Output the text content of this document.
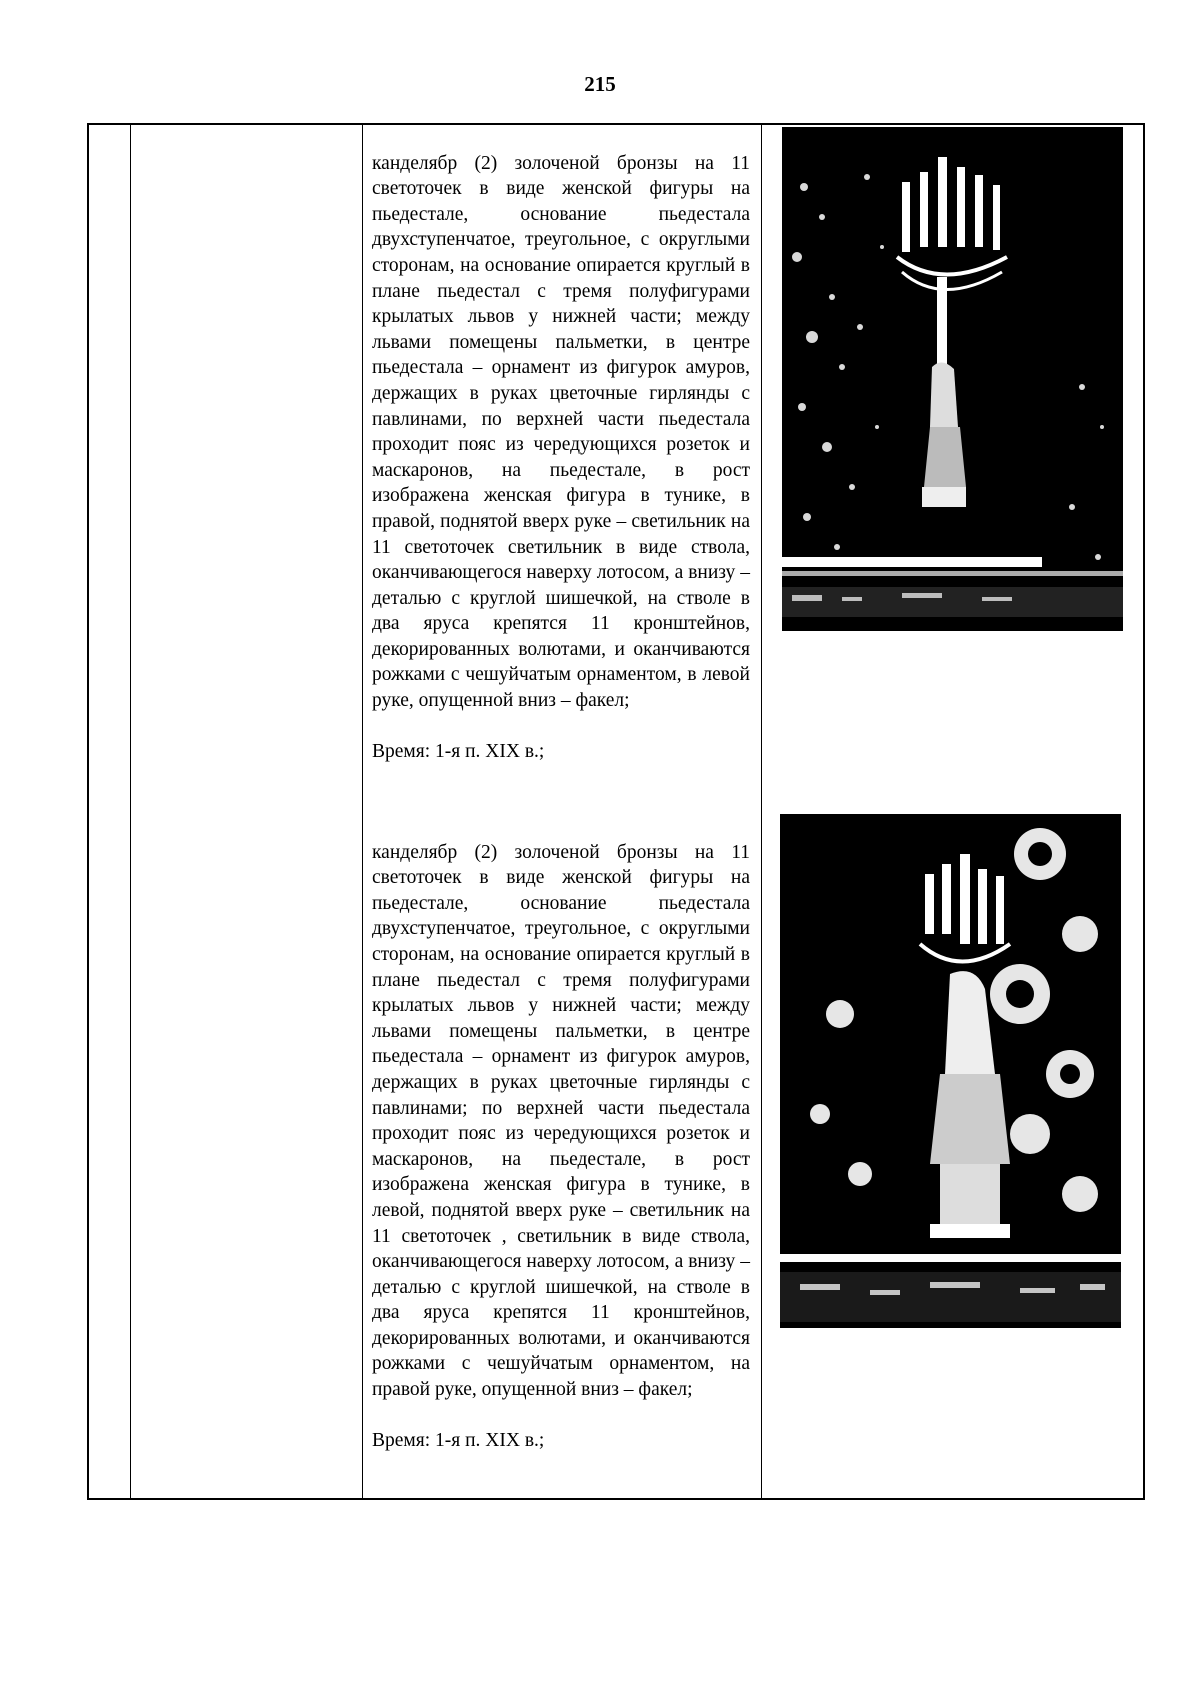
215

канделябр (2) золоченой бронзы на 11 светоточек в виде женской фигуры на пьедестале, основание пьедестала двухступенчатое, треугольное, с округлыми сторонам, на основание опирается круглый в плане пьедестал с тремя полуфигурами крылатых львов у нижней части; между львами помещены пальметки, в центре пьедестала – орнамент из фигурок амуров, держащих в руках цветочные гирлянды с павлинами, по верхней части пьедестала проходит пояс из чередующихся розеток и маскаронов, на пьедестале, в рост изображена женская фигура в тунике, в правой, поднятой вверх руке – светильник на 11 светоточек светильник в виде ствола, оканчивающегося наверху лотосом, а внизу – деталью с круглой шишечкой, на стволе в два яруса крепятся 11 кронштейнов, декорированных волютами, и оканчиваются рожками с чешуйчатым орнаментом, в левой руке, опущенной вниз – факел;

Время: 1-я п. XIX в.;

канделябр (2) золоченой бронзы на 11 светоточек в виде женской фигуры на пьедестале, основание пьедестала двухступенчатое, треугольное, с округлыми сторонам, на основание опирается круглый в плане пьедестал с тремя полуфигурами крылатых львов у нижней части; между львами помещены пальметки, в центре пьедестала – орнамент из фигурок амуров, держащих в руках цветочные гирлянды с павлинами; по верхней части пьедестала проходит пояс из чередующихся розеток и маскаронов, на пьедестале, в рост изображена женская фигура в тунике, в левой, поднятой вверх руке – светильник на 11 светоточек , светильник в виде ствола, оканчивающегося наверху лотосом, а внизу – деталью с круглой шишечкой, на стволе в два яруса крепятся 11 кронштейнов, декорированных волютами, и оканчиваются рожками с чешуйчатым орнаментом, на правой руке, опущенной вниз – факел;

Время: 1-я п. XIX в.;
